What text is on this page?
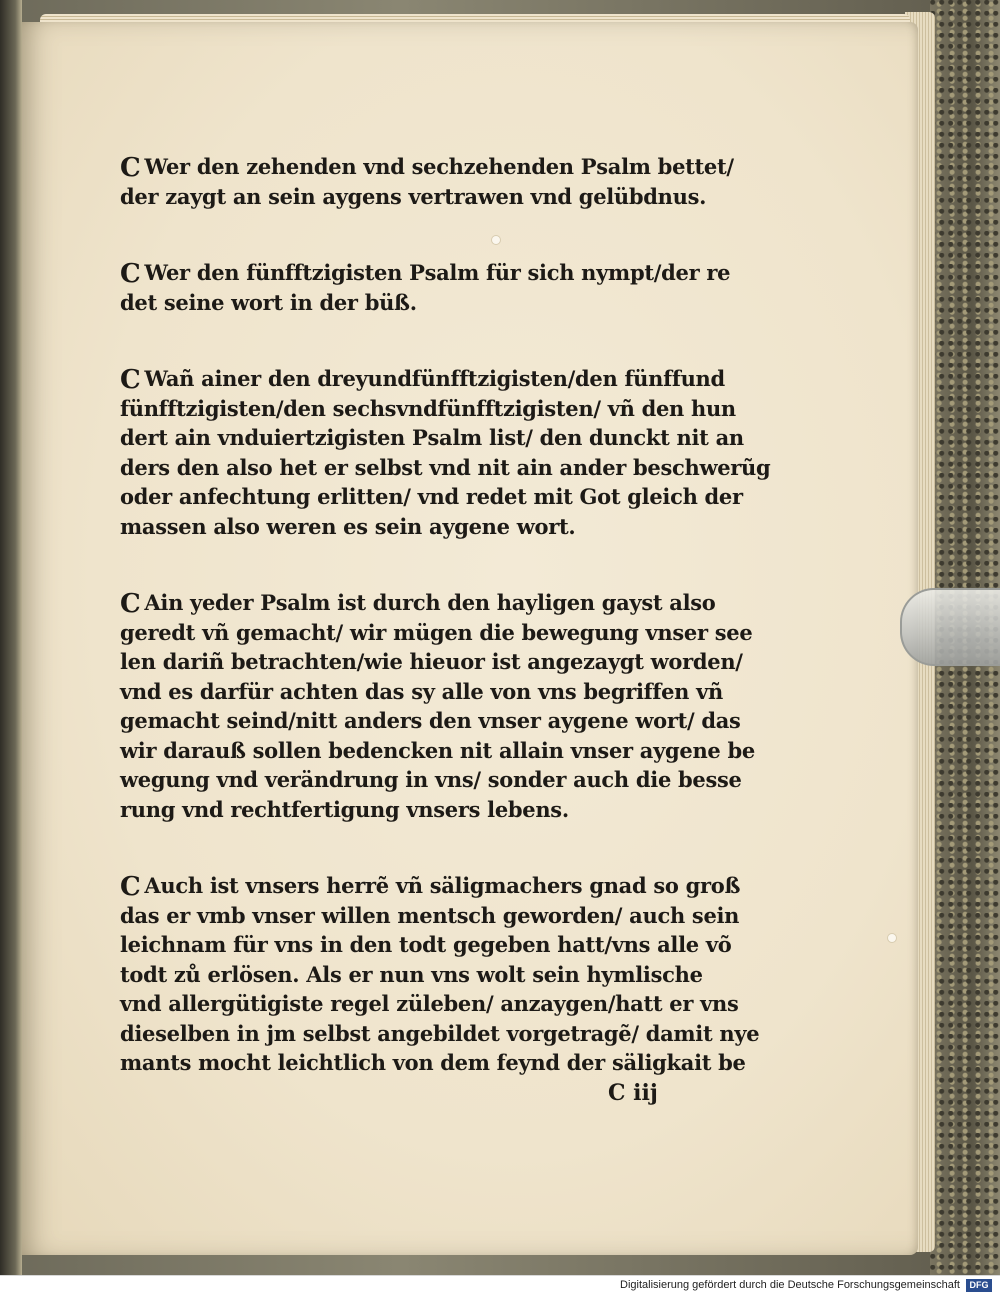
C Wer den zehenden vnd sechzehenden Psalm bettet/
der zaygt an sein aygens vertrawen vnd gelübdnus.

C Wer den fünfftzigisten Psalm für sich nympt/der re
det seine wort in der büß.

C Wañ ainer den dreyundfünfftzigisten/den fünffund
fünfftzigisten/den sechsvndfünfftzigisten/ vñ den hun
dert ain vnduiertzigisten Psalm list/ den dunckt nit an
ders den also het er selbst vnd nit ain ander beschwerũg
oder anfechtung erlitten/ vnd redet mit Got gleich der
massen also weren es sein aygene wort.

C Ain yeder Psalm ist durch den hayligen gayst also
geredt vñ gemacht/ wir mügen die bewegung vnser see
len dariñ betrachten/wie hieuor ist angezaygt worden/
vnd es darfür achten das sy alle von vns begriffen vñ
gemacht seind/nitt anders den vnser aygene wort/ das
wir darauß sollen bedencken nit allain vnser aygene be
wegung vnd verändrung in vns/ sonder auch die besse
rung vnd rechtfertigung vnsers lebens.

C Auch ist vnsers herrẽ vñ säligmachers gnad so groß
das er vmb vnser willen mentsch geworden/ auch sein
leichnam für vns in den todt gegeben hatt/vns alle võ
todt zů erlösen. Als er nun vns wolt sein hymlische
vnd allergütigiste regel züleben/ anzaygen/hatt er vns
dieselben in jm selbst angebildet vorgetragẽ/ damit nye
mants mocht leichtlich von dem feynd der säligkait be

C iij
Digitalisierung gefördert durch die Deutsche Forschungsgemeinschaft	DFG
